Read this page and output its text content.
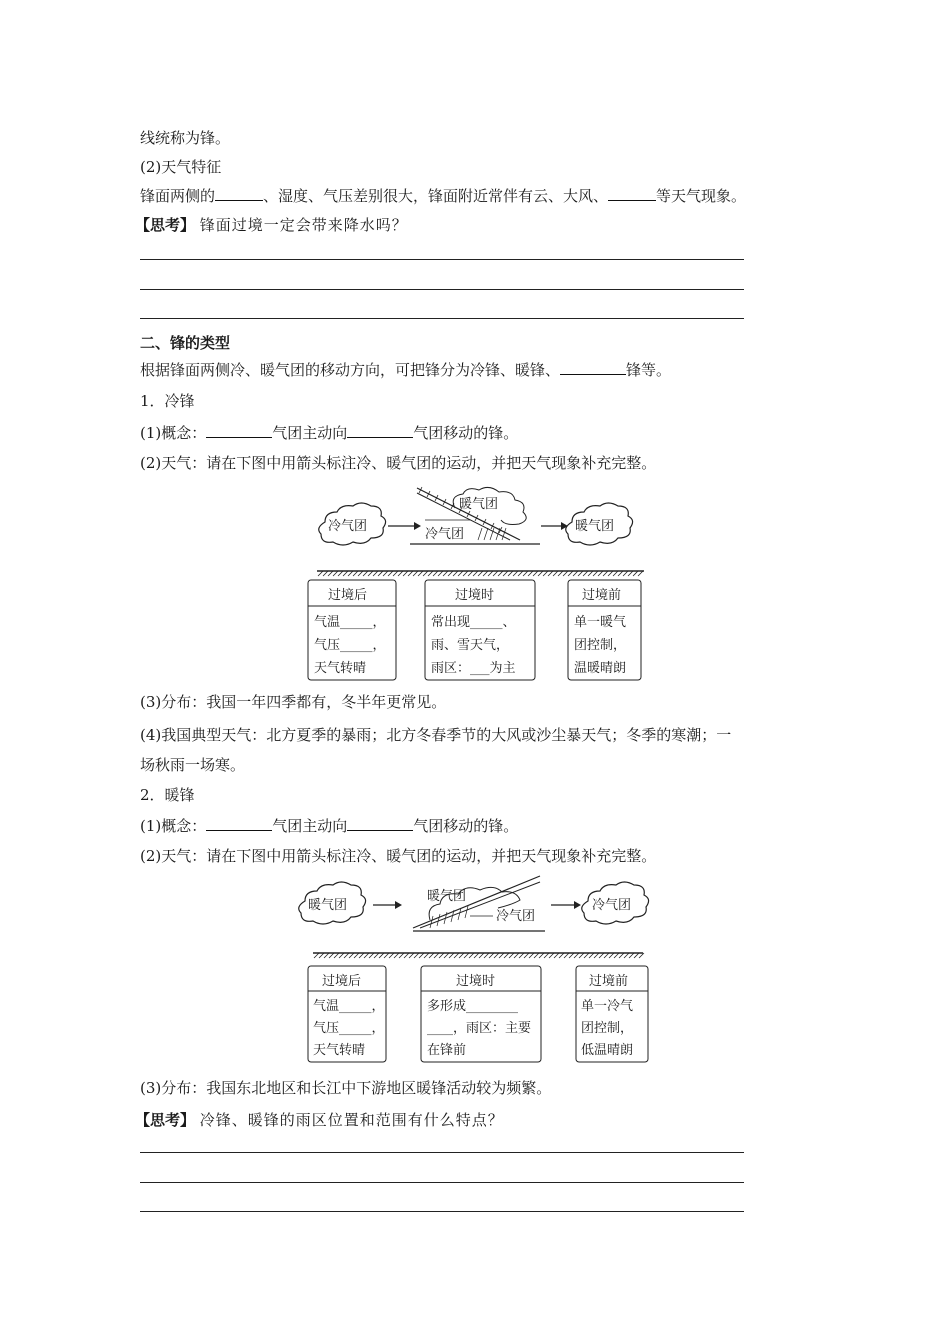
线统称为锋。
(2)天气特征
锋面两侧的	、湿度、气压差别很大，锋面附近常伴有云、大风、	等天气现象。
【思考】 锋面过境一定会带来降水吗？
二、锋的类型
根据锋面两侧冷、暖气团的移动方向，可把锋分为冷锋、暖锋、	锋等。
1．冷锋
(1)概念：	气团主动向	气团移动的锋。
(2)天气：请在下图中用箭头标注冷、暖气团的运动，并把天气现象补充完整。
冷气团
暖气团
冷气团
暖气团
过境后
气温_____，
气压_____，
天气转晴
过境时
常出现_____、
雨、雪天气，
雨区：___为主
过境前
单一暖气
团控制，
温暖晴朗
暖气团
暖气团
冷气团
冷气团
过境后
气温_____，
气压_____，
天气转晴
过境时
多形成________
____，雨区：主要
在锋前
过境前
单一冷气
团控制，
低温晴朗
(3)分布：我国一年四季都有，冬半年更常见。
(4)我国典型天气：北方夏季的暴雨；北方冬春季节的大风或沙尘暴天气；冬季的寒潮；一
场秋雨一场寒。
2．暖锋
(1)概念：	气团主动向	气团移动的锋。
(2)天气：请在下图中用箭头标注冷、暖气团的运动，并把天气现象补充完整。
(3)分布：我国东北地区和长江中下游地区暖锋活动较为频繁。
【思考】 冷锋、暖锋的雨区位置和范围有什么特点？
